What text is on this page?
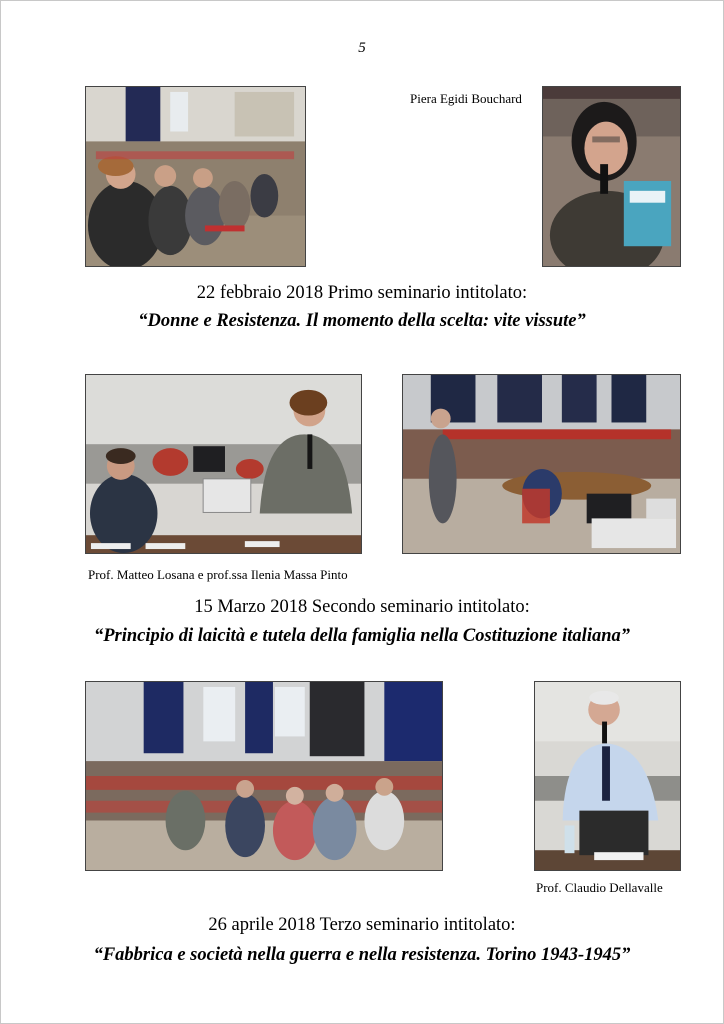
5
Piera Egidi Bouchard
22 febbraio 2018 Primo seminario intitolato:
“Donne e Resistenza. Il momento della scelta: vite vissute”
Prof. Matteo Losana e prof.ssa Ilenia Massa Pinto
15 Marzo 2018 Secondo seminario intitolato:
“Principio di laicità e tutela della famiglia nella Costituzione italiana”
Prof. Claudio Dellavalle
26 aprile 2018 Terzo seminario intitolato:
“Fabbrica e società nella guerra e nella resistenza. Torino 1943-1945”
